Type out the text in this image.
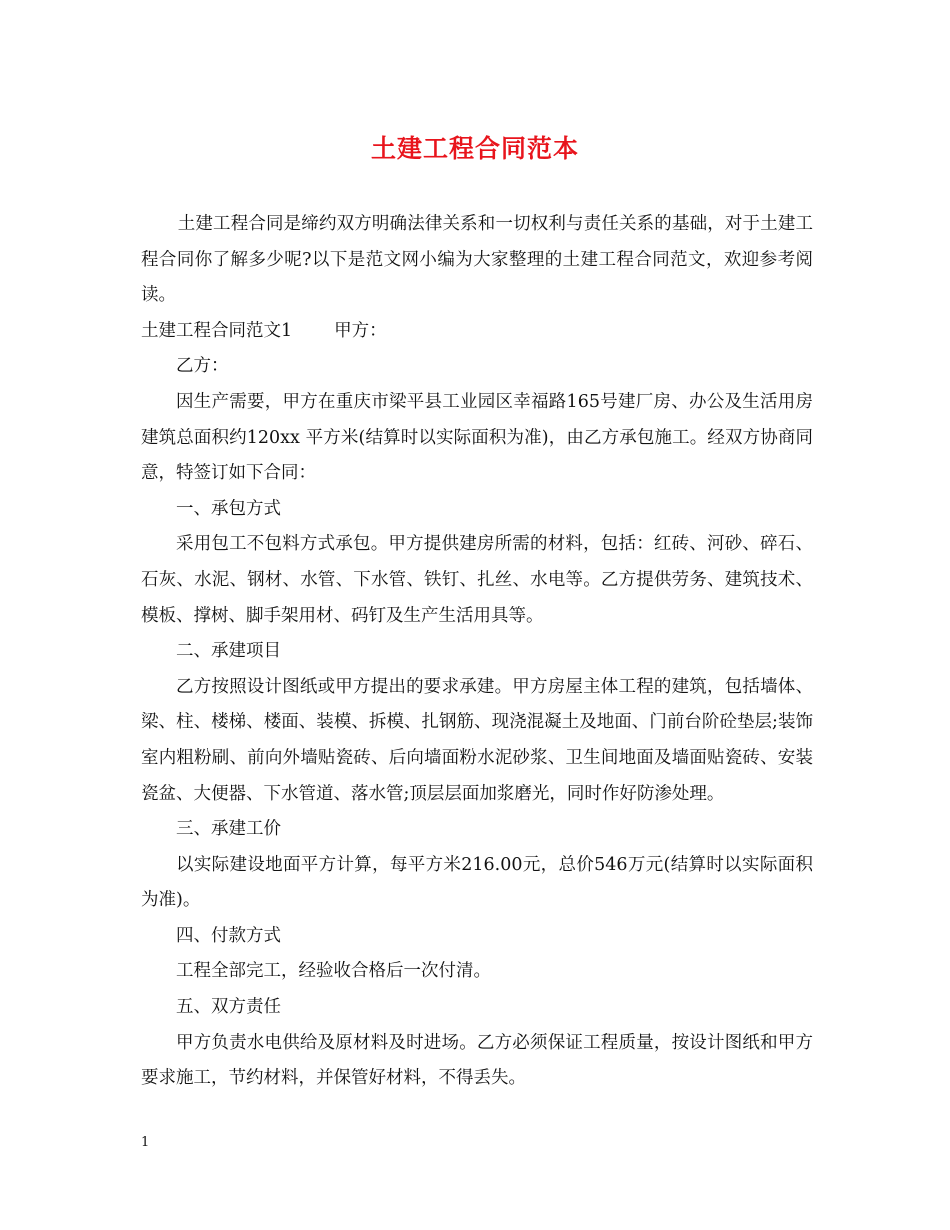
土建工程合同范本

土建工程合同是缔约双方明确法律关系和一切权利与责任关系的基础，对于土建工程合同你了解多少呢?以下是范文网小编为大家整理的土建工程合同范文，欢迎参考阅读。

土建工程合同范文1 甲方：

乙方：

因生产需要，甲方在重庆市梁平县工业园区幸福路165号建厂房、办公及生活用房建筑总面积约120xx 平方米(结算时以实际面积为准)，由乙方承包施工。经双方协商同意，特签订如下合同：

一、承包方式

采用包工不包料方式承包。甲方提供建房所需的材料，包括：红砖、河砂、碎石、石灰、水泥、钢材、水管、下水管、铁钉、扎丝、水电等。乙方提供劳务、建筑技术、模板、撑树、脚手架用材、码钉及生产生活用具等。

二、承建项目

乙方按照设计图纸或甲方提出的要求承建。甲方房屋主体工程的建筑，包括墙体、梁、柱、楼梯、楼面、装模、拆模、扎钢筋、现浇混凝土及地面、门前台阶砼垫层;装饰室内粗粉刷、前向外墙贴瓷砖、后向墙面粉水泥砂浆、卫生间地面及墙面贴瓷砖、安装瓷盆、大便器、下水管道、落水管;顶层层面加浆磨光，同时作好防渗处理。

三、承建工价

以实际建设地面平方计算，每平方米216.00元，总价546万元(结算时以实际面积为准)。

四、付款方式

工程全部完工，经验收合格后一次付清。

五、双方责任

甲方负责水电供给及原材料及时进场。乙方必须保证工程质量，按设计图纸和甲方要求施工，节约材料，并保管好材料，不得丢失。

1
